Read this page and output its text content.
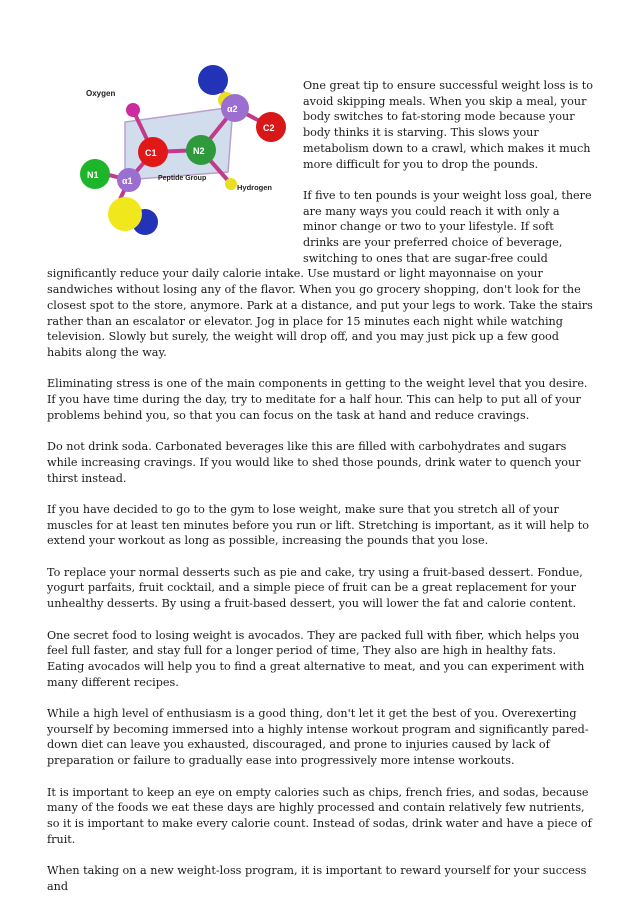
Oxygen
Peptide Group
Hydrogen
α2
C2
C1	N2
N1
α1

One great tip to ensure successful weight loss is to avoid skipping meals. When you skip a meal, your body switches to fat-storing mode because your body thinks it is starving. This slows your metabolism down to a crawl, which makes it much more difficult for you to drop the pounds.

If five to ten pounds is your weight loss goal, there are many ways you could reach it with only a minor change or two to your lifestyle. If soft drinks are your preferred choice of beverage, switching to ones that are sugar-free could significantly reduce your daily calorie intake. Use mustard or light mayonnaise on your sandwiches without losing any of the flavor. When you go grocery shopping, don't look for the closest spot to the store, anymore. Park at a distance, and put your legs to work. Take the stairs rather than an escalator or elevator. Jog in place for 15 minutes each night while watching television. Slowly but surely, the weight will drop off, and you may just pick up a few good habits along the way.

Eliminating stress is one of the main components in getting to the weight level that you desire. If you have time during the day, try to meditate for a half hour. This can help to put all of your problems behind you, so that you can focus on the task at hand and reduce cravings.

Do not drink soda. Carbonated beverages like this are filled with carbohydrates and sugars while increasing cravings. If you would like to shed those pounds, drink water to quench your thirst instead.

If you have decided to go to the gym to lose weight, make sure that you stretch all of your muscles for at least ten minutes before you run or lift. Stretching is important, as it will help to extend your workout as long as possible, increasing the pounds that you lose.

To replace your normal desserts such as pie and cake, try using a fruit-based dessert. Fondue, yogurt parfaits, fruit cocktail, and a simple piece of fruit can be a great replacement for your unhealthy desserts. By using a fruit-based dessert, you will lower the fat and calorie content.

One secret food to losing weight is avocados. They are packed full with fiber, which helps you feel full faster, and stay full for a longer period of time, They also are high in healthy fats. Eating avocados will help you to find a great alternative to meat, and you can experiment with many different recipes.

While a high level of enthusiasm is a good thing, don't let it get the best of you. Overexerting yourself by becoming immersed into a highly intense workout program and significantly pared-down diet can leave you exhausted, discouraged, and prone to injuries caused by lack of preparation or failure to gradually ease into progressively more intense workouts.

It is important to keep an eye on empty calories such as chips, french fries, and sodas, because many of the foods we eat these days are highly processed and contain relatively few nutrients, so it is important to make every calorie count. Instead of sodas, drink water and have a piece of fruit.

When taking on a new weight-loss program, it is important to reward yourself for your success and
